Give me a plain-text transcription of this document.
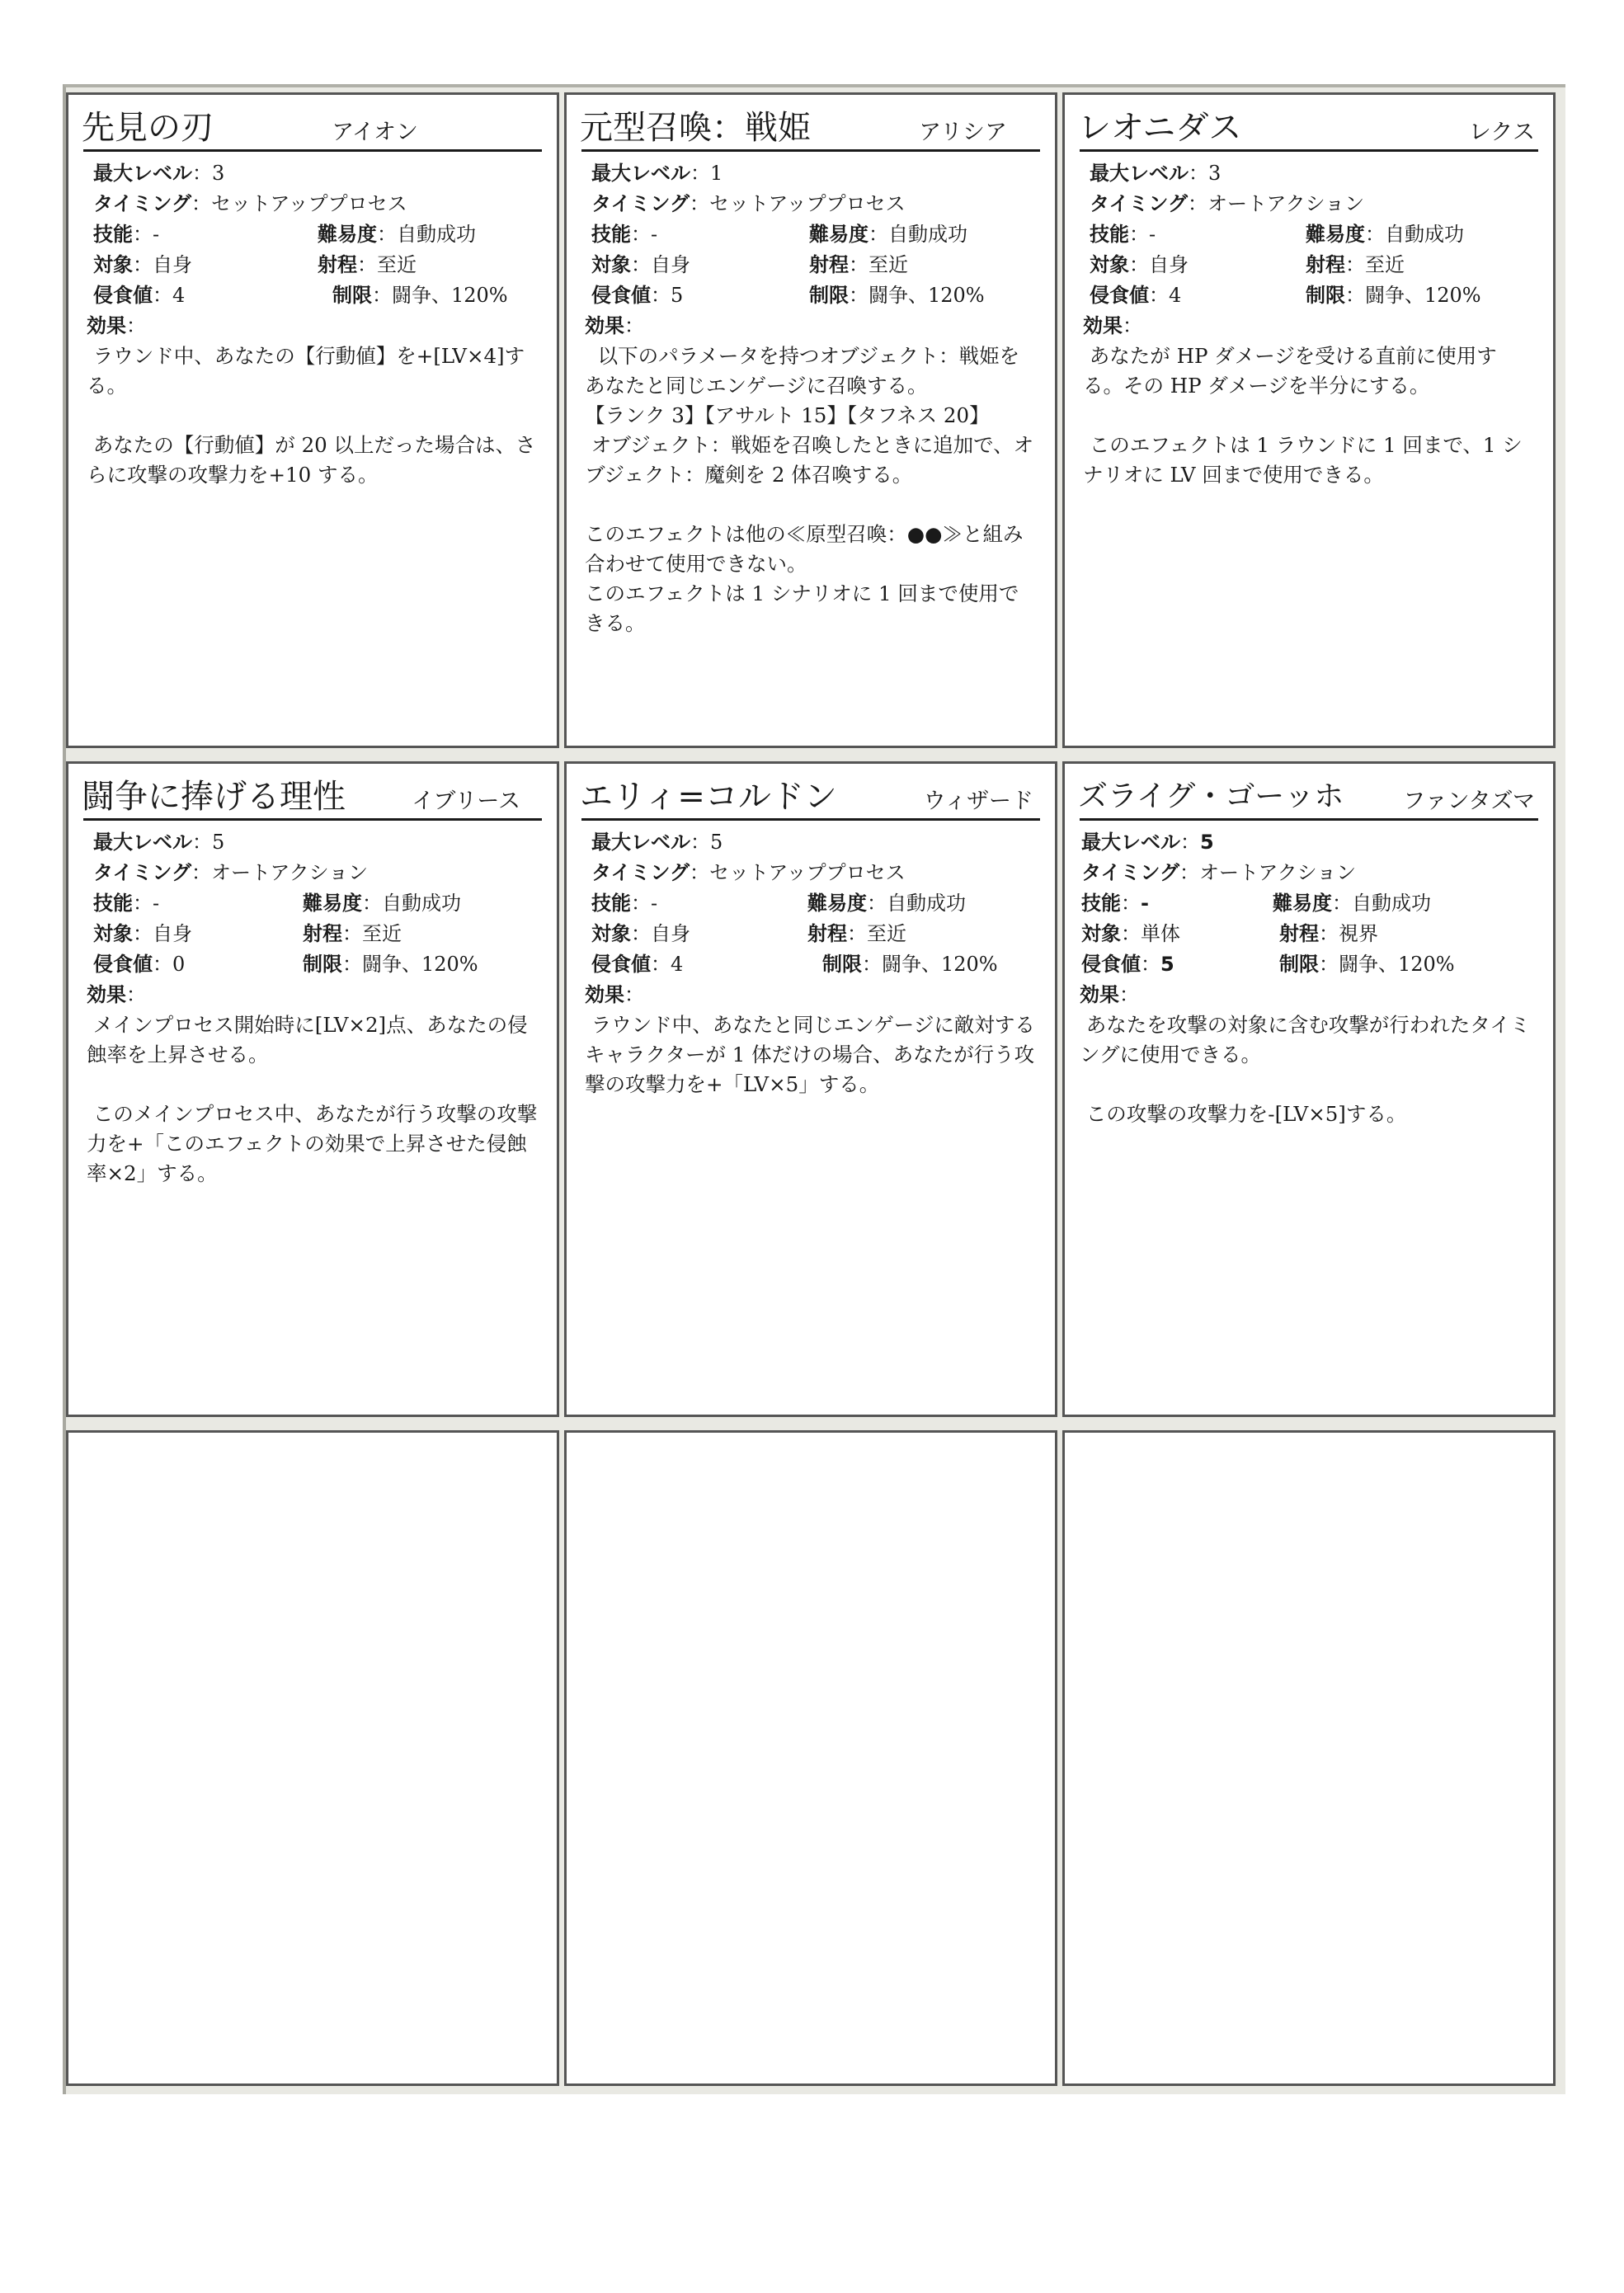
先見の刃	アイオン
最大レベル：3
タイミング：セットアッププロセス
技能：-	難易度：自動成功
対象：自身	射程：至近
侵食値：4	制限：闘争、120%
効果：
ラウンド中、あなたの【行動値】を+[LV×4]する。

あなたの【行動値】が 20 以上だった場合は、さらに攻撃の攻撃力を+10 する。
元型召喚：戦姫	アリシア
最大レベル：1
タイミング：セットアッププロセス
技能：-	難易度：自動成功
対象：自身	射程：至近
侵食値：5	制限：闘争、120%
効果：
以下のパラメータを持つオブジェクト：戦姫をあなたと同じエンゲージに召喚する。
【ランク 3】【アサルト 15】【タフネス 20】
オブジェクト：戦姫を召喚したときに追加で、オブジェクト：魔剣を 2 体召喚する。

このエフェクトは他の≪原型召喚：●●≫と組み合わせて使用できない。
このエフェクトは 1 シナリオに 1 回まで使用できる。
レオニダス	レクス
最大レベル：3
タイミング：オートアクション
技能：-	難易度：自動成功
対象：自身	射程：至近
侵食値：4	制限：闘争、120%
効果：
あなたが HP ダメージを受ける直前に使用する。その HP ダメージを半分にする。

このエフェクトは 1 ラウンドに 1 回まで、1 シナリオに LV 回まで使用できる。
闘争に捧げる理性	イブリース
最大レベル：5
タイミング：オートアクション
技能：-	難易度：自動成功
対象：自身	射程：至近
侵食値：0	制限：闘争、120%
効果：
メインプロセス開始時に[LV×2]点、あなたの侵蝕率を上昇させる。

このメインプロセス中、あなたが行う攻撃の攻撃力を+「このエフェクトの効果で上昇させた侵蝕率×2」する。
エリィ=コルドン	ウィザード
最大レベル：5
タイミング：セットアッププロセス
技能：-	難易度：自動成功
対象：自身	射程：至近
侵食値：4	制限：闘争、120%
効果：
ラウンド中、あなたと同じエンゲージに敵対するキャラクターが 1 体だけの場合、あなたが行う攻撃の攻撃力を+「LV×5」する。
ズライグ・ゴーッホ	ファンタズマ
最大レベル：5
タイミング：オートアクション
技能：-	難易度：自動成功
対象：単体	射程：視界
侵食値：5	制限：闘争、120%
効果：
あなたを攻撃の対象に含む攻撃が行われたタイミングに使用できる。

この攻撃の攻撃力を-[LV×5]する。
